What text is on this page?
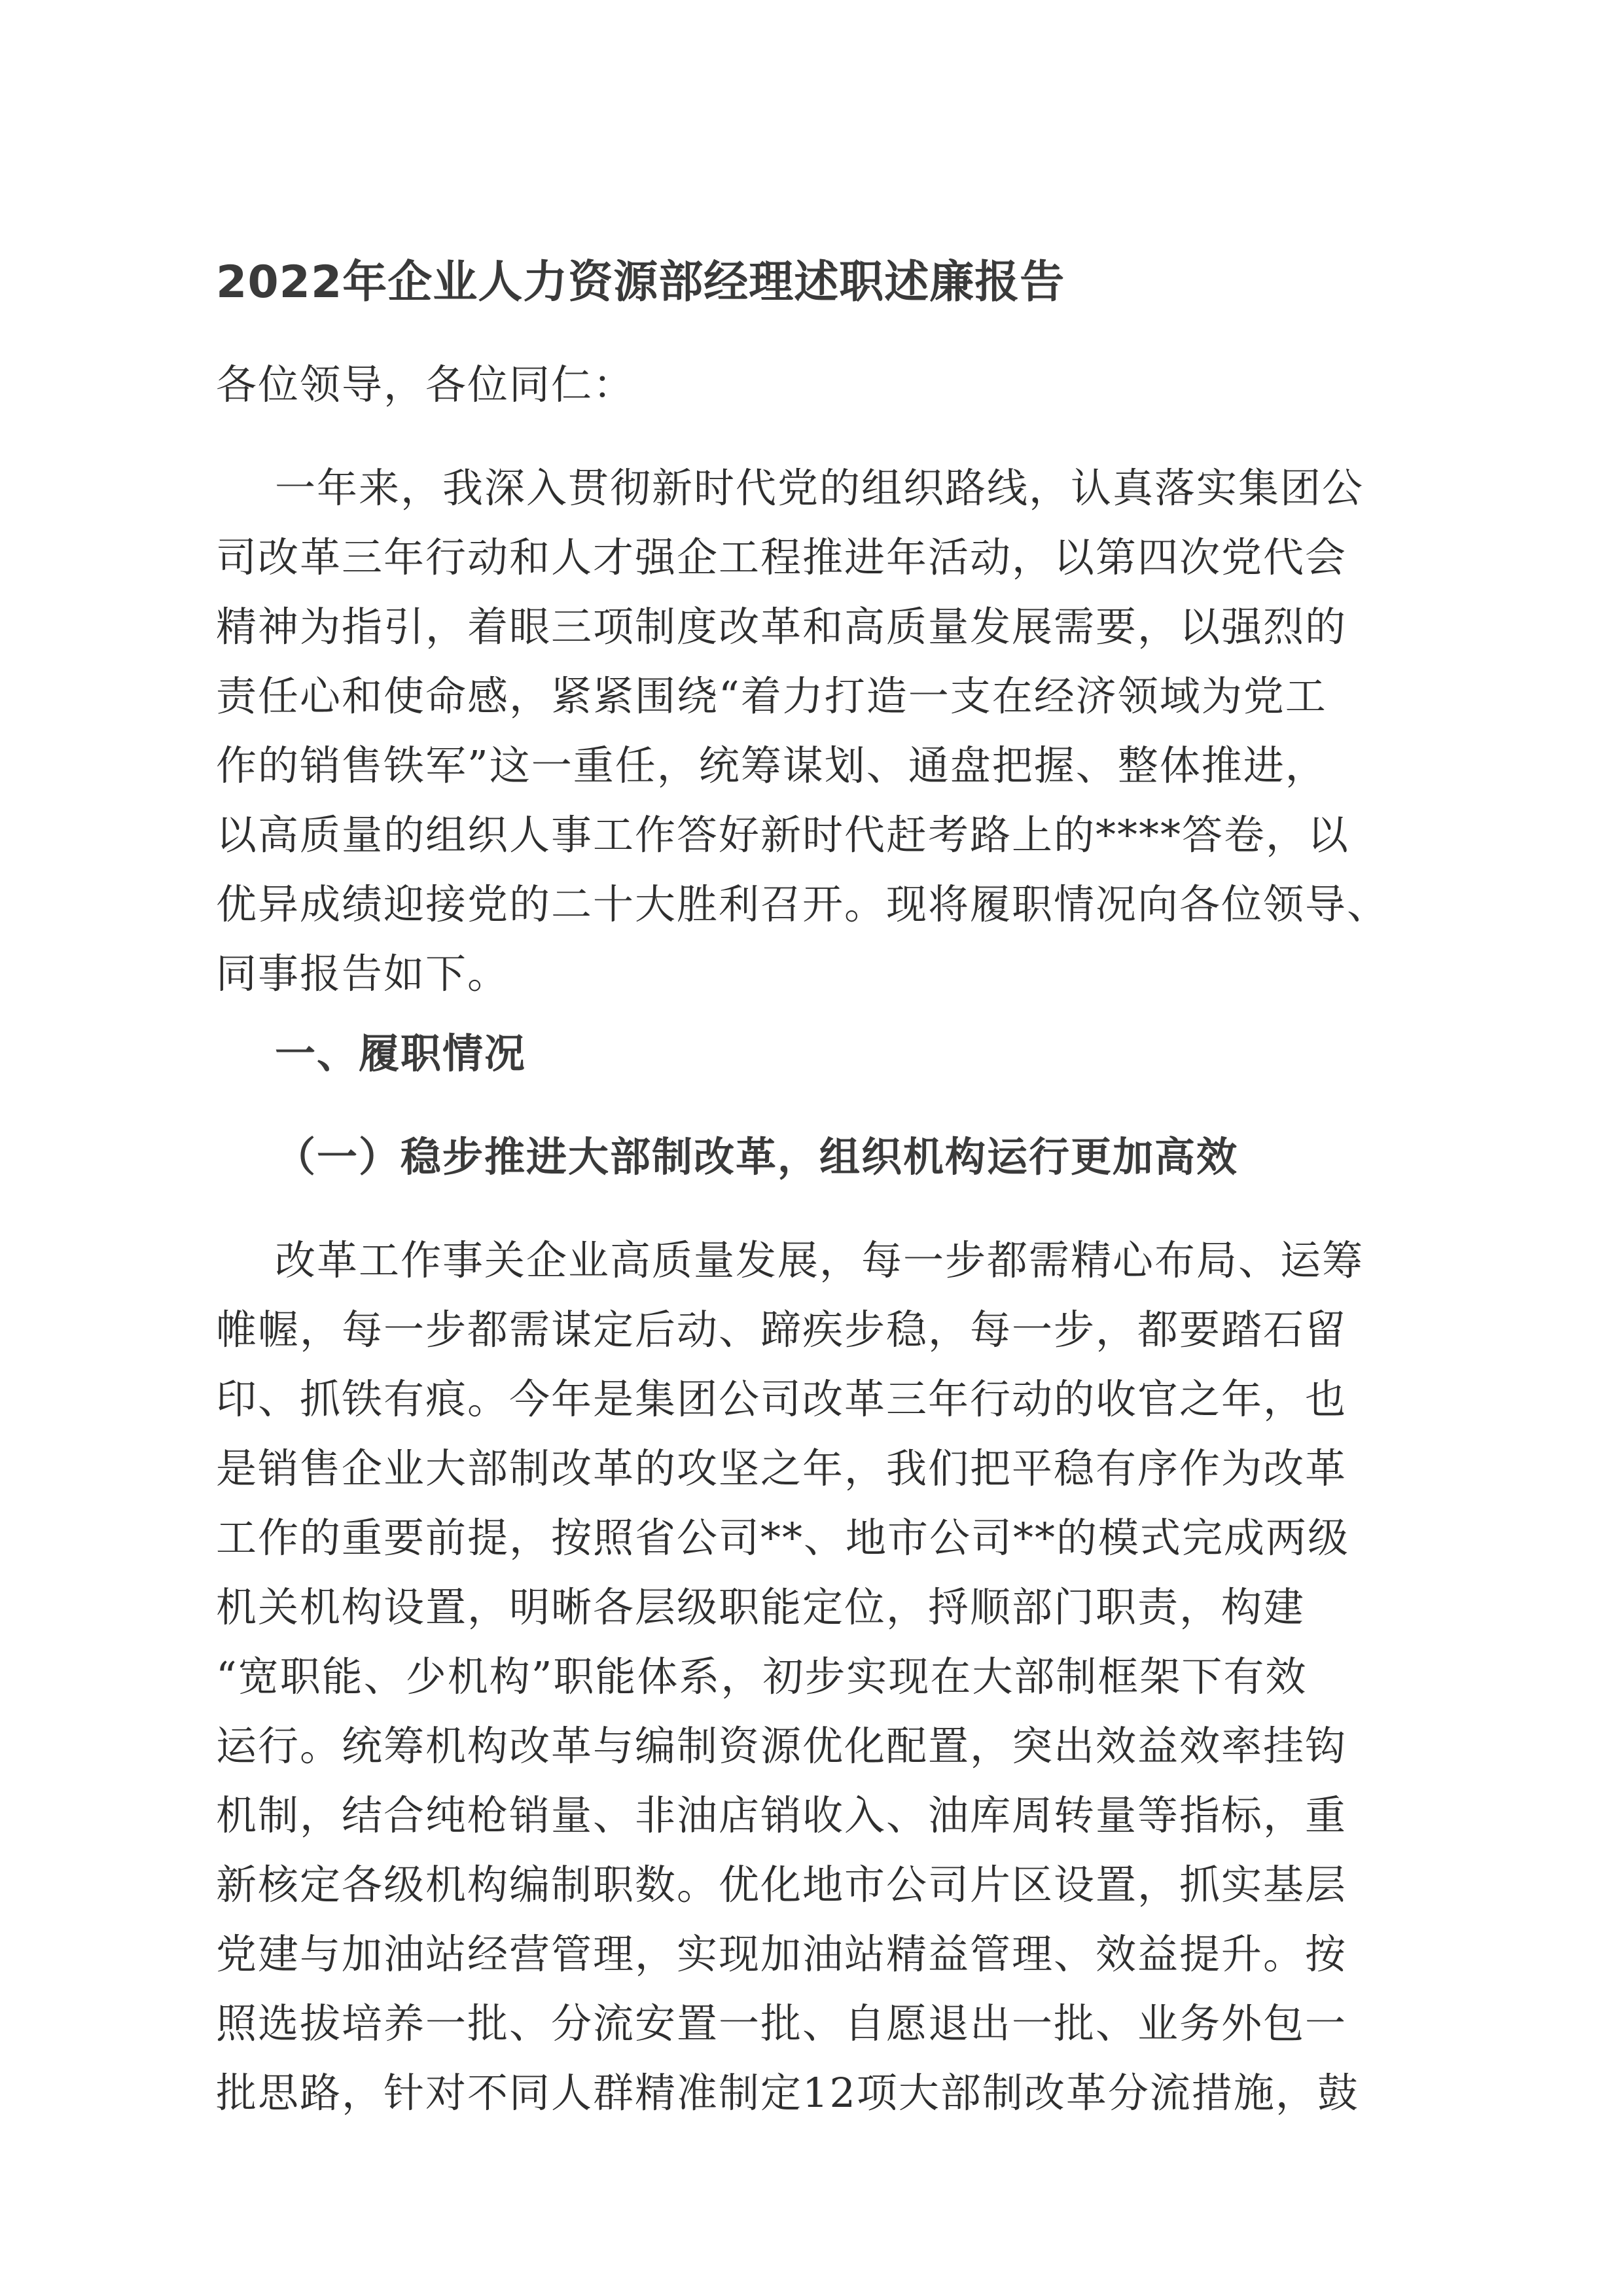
2022年企业人力资源部经理述职述廉报告
各位领导，各位同仁：
一年来，我深入贯彻新时代党的组织路线，认真落实集团公
司改革三年行动和人才强企工程推进年活动，以第四次党代会
精神为指引，着眼三项制度改革和高质量发展需要，以强烈的
责任心和使命感，紧紧围绕“着力打造一支在经济领域为党工
作的销售铁军”这一重任，统筹谋划、通盘把握、整体推进，
以高质量的组织人事工作答好新时代赶考路上的****答卷，以
优异成绩迎接党的二十大胜利召开。现将履职情况向各位领导、
同事报告如下。
一、履职情况
（一）稳步推进大部制改革，组织机构运行更加高效
改革工作事关企业高质量发展，每一步都需精心布局、运筹
帷幄，每一步都需谋定后动、蹄疾步稳，每一步，都要踏石留
印、抓铁有痕。今年是集团公司改革三年行动的收官之年，也
是销售企业大部制改革的攻坚之年，我们把平稳有序作为改革
工作的重要前提，按照省公司**、地市公司**的模式完成两级
机关机构设置，明晰各层级职能定位，捋顺部门职责，构建
“宽职能、少机构”职能体系，初步实现在大部制框架下有效
运行。统筹机构改革与编制资源优化配置，突出效益效率挂钩
机制，结合纯枪销量、非油店销收入、油库周转量等指标，重
新核定各级机构编制职数。优化地市公司片区设置，抓实基层
党建与加油站经营管理，实现加油站精益管理、效益提升。按
照选拔培养一批、分流安置一批、自愿退出一批、业务外包一
批思路，针对不同人群精准制定12项大部制改革分流措施，鼓
